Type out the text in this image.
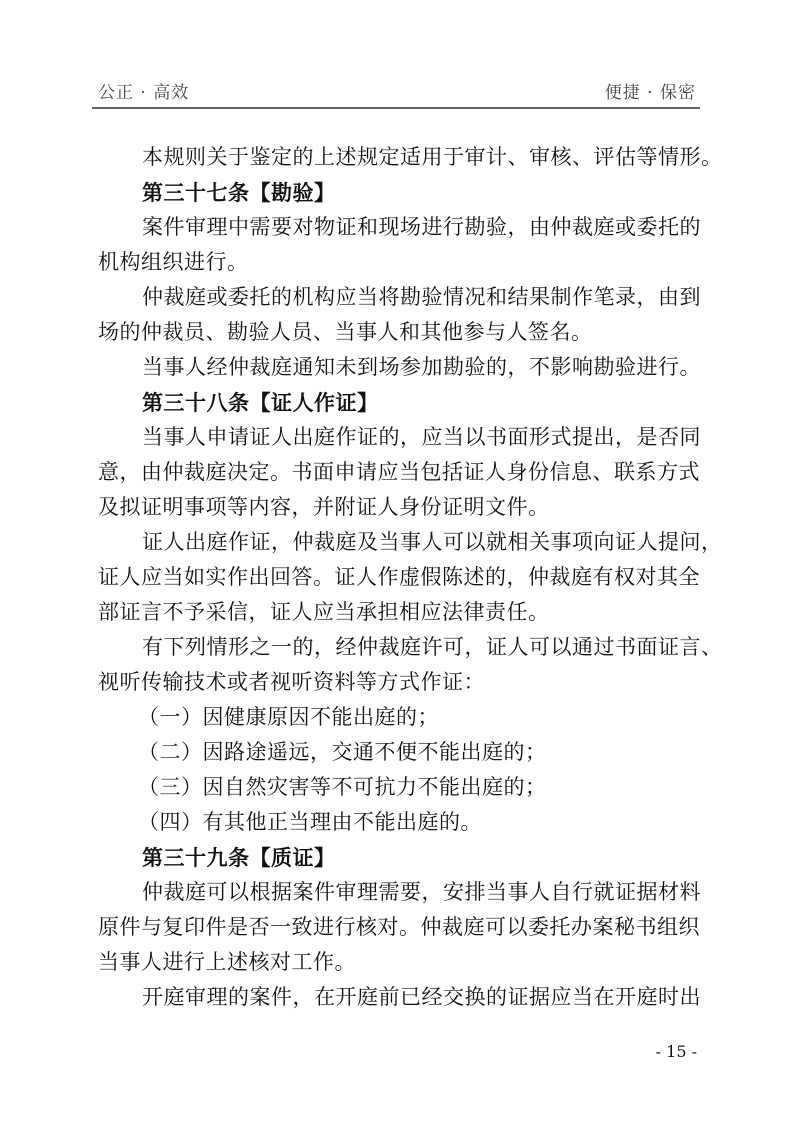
公正 · 高效	便捷 · 保密
本规则关于鉴定的上述规定适用于审计、审核、评估等情形。
第三十七条【勘验】
案件审理中需要对物证和现场进行勘验，由仲裁庭或委托的
机构组织进行。
仲裁庭或委托的机构应当将勘验情况和结果制作笔录，由到
场的仲裁员、勘验人员、当事人和其他参与人签名。
当事人经仲裁庭通知未到场参加勘验的，不影响勘验进行。
第三十八条【证人作证】
当事人申请证人出庭作证的，应当以书面形式提出，是否同
意，由仲裁庭决定。书面申请应当包括证人身份信息、联系方式
及拟证明事项等内容，并附证人身份证明文件。
证人出庭作证，仲裁庭及当事人可以就相关事项向证人提问，
证人应当如实作出回答。证人作虚假陈述的，仲裁庭有权对其全
部证言不予采信，证人应当承担相应法律责任。
有下列情形之一的，经仲裁庭许可，证人可以通过书面证言、
视听传输技术或者视听资料等方式作证：
（一）因健康原因不能出庭的；
（二）因路途遥远，交通不便不能出庭的；
（三）因自然灾害等不可抗力不能出庭的；
（四）有其他正当理由不能出庭的。
第三十九条【质证】
仲裁庭可以根据案件审理需要，安排当事人自行就证据材料
原件与复印件是否一致进行核对。仲裁庭可以委托办案秘书组织
当事人进行上述核对工作。
开庭审理的案件，在开庭前已经交换的证据应当在开庭时出
- 15 -
